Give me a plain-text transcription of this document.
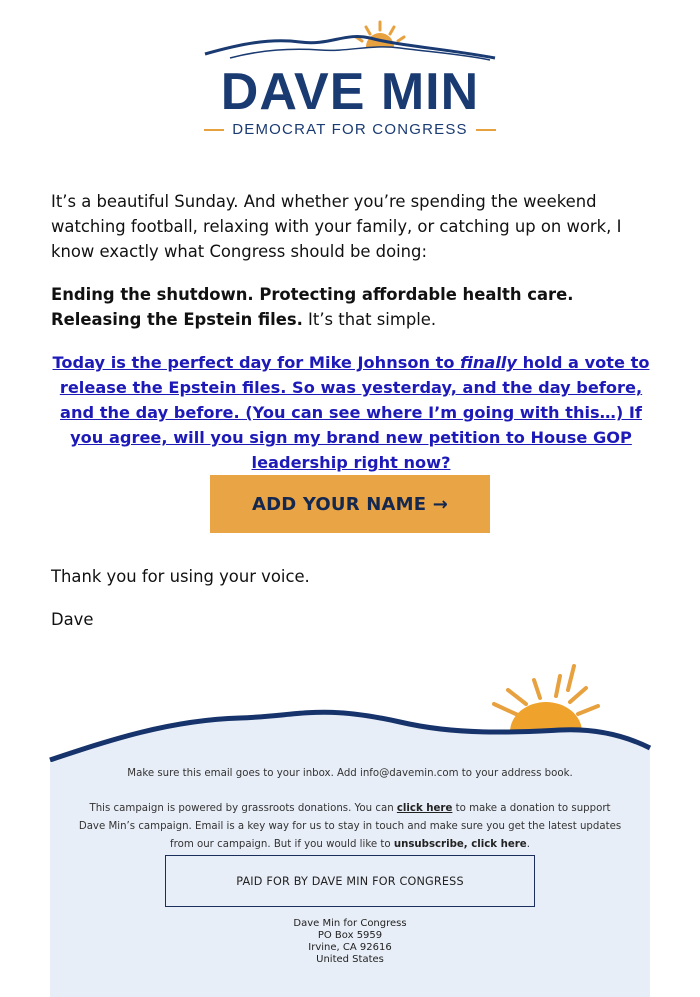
DAVE MIN
DEMOCRAT FOR CONGRESS
It’s a beautiful Sunday. And whether you’re spending the weekend watching football, relaxing with your family, or catching up on work, I know exactly what Congress should be doing:
Ending the shutdown. Protecting affordable health care. Releasing the Epstein files. It’s that simple.
Today is the perfect day for Mike Johnson to finally hold a vote to release the Epstein files. So was yesterday, and the day before, and the day before. (You can see where I’m going with this…) If you agree, will you sign my brand new petition to House GOP leadership right now?
ADD YOUR NAME →
Thank you for using your voice.
Dave
Make sure this email goes to your inbox. Add info@davemin.com to your address book.
This campaign is powered by grassroots donations. You can click here to make a donation to support Dave Min’s campaign. Email is a key way for us to stay in touch and make sure you get the latest updates from our campaign. But if you would like to unsubscribe, click here.
PAID FOR BY DAVE MIN FOR CONGRESS
Dave Min for Congress
PO Box 5959
Irvine, CA 92616
United States
